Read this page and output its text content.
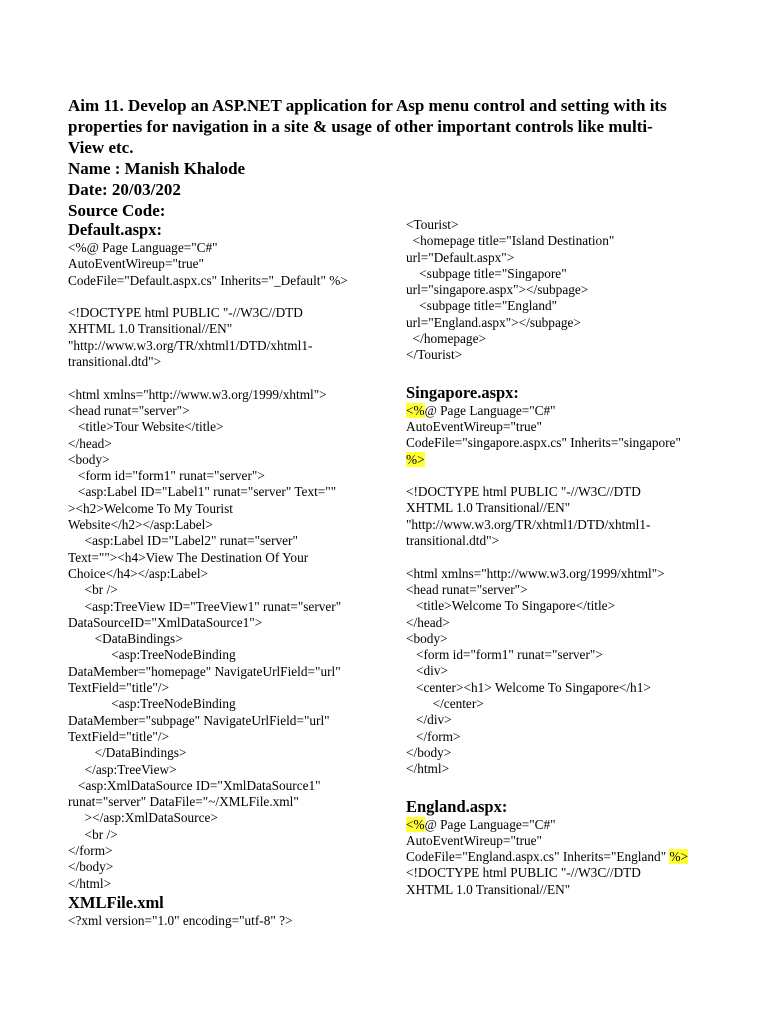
Aim 11. Develop an ASP.NET application for Asp menu control and setting with its
properties for navigation in a site & usage of other important controls like multi-
View etc.
Name : Manish Khalode
Date: 20/03/202
Source Code:
Default.aspx:
<%@ Page Language="C#"
AutoEventWireup="true"
CodeFile="Default.aspx.cs" Inherits="_Default" %>
<!DOCTYPE html PUBLIC "-//W3C//DTD
XHTML 1.0 Transitional//EN"
"http://www.w3.org/TR/xhtml1/DTD/xhtml1-
transitional.dtd">
<html xmlns="http://www.w3.org/1999/xhtml">
<head runat="server">
<title>Tour Website</title>
</head>
<body>
<form id="form1" runat="server">
<asp:Label ID="Label1" runat="server" Text=""
><h2>Welcome To My Tourist
Website</h2></asp:Label>
<asp:Label ID="Label2" runat="server"
Text=""><h4>View The Destination Of Your
Choice</h4></asp:Label>
<br />
<asp:TreeView ID="TreeView1" runat="server"
DataSourceID="XmlDataSource1">
<DataBindings>
<asp:TreeNodeBinding
DataMember="homepage" NavigateUrlField="url"
TextField="title"/>
<asp:TreeNodeBinding
DataMember="subpage" NavigateUrlField="url"
TextField="title"/>
</DataBindings>
</asp:TreeView>
<asp:XmlDataSource ID="XmlDataSource1"
runat="server" DataFile="~/XMLFile.xml"
></asp:XmlDataSource>
<br />
</form>
</body>
</html>
XMLFile.xml
<?xml version="1.0" encoding="utf-8" ?>
<Tourist>
<homepage title="Island Destination"
url="Default.aspx">
<subpage title="Singapore"
url="singapore.aspx"></subpage>
<subpage title="England"
url="England.aspx"></subpage>
</homepage>
</Tourist>
Singapore.aspx:
<%@ Page Language="C#"
AutoEventWireup="true"
CodeFile="singapore.aspx.cs" Inherits="singapore"
%>
<!DOCTYPE html PUBLIC "-//W3C//DTD
XHTML 1.0 Transitional//EN"
"http://www.w3.org/TR/xhtml1/DTD/xhtml1-
transitional.dtd">
<html xmlns="http://www.w3.org/1999/xhtml">
<head runat="server">
<title>Welcome To Singapore</title>
</head>
<body>
<form id="form1" runat="server">
<div>
<center><h1> Welcome To Singapore</h1>
</center>
</div>
</form>
</body>
</html>
England.aspx:
<%@ Page Language="C#"
AutoEventWireup="true"
CodeFile="England.aspx.cs" Inherits="England" %>
<!DOCTYPE html PUBLIC "-//W3C//DTD
XHTML 1.0 Transitional//EN"
